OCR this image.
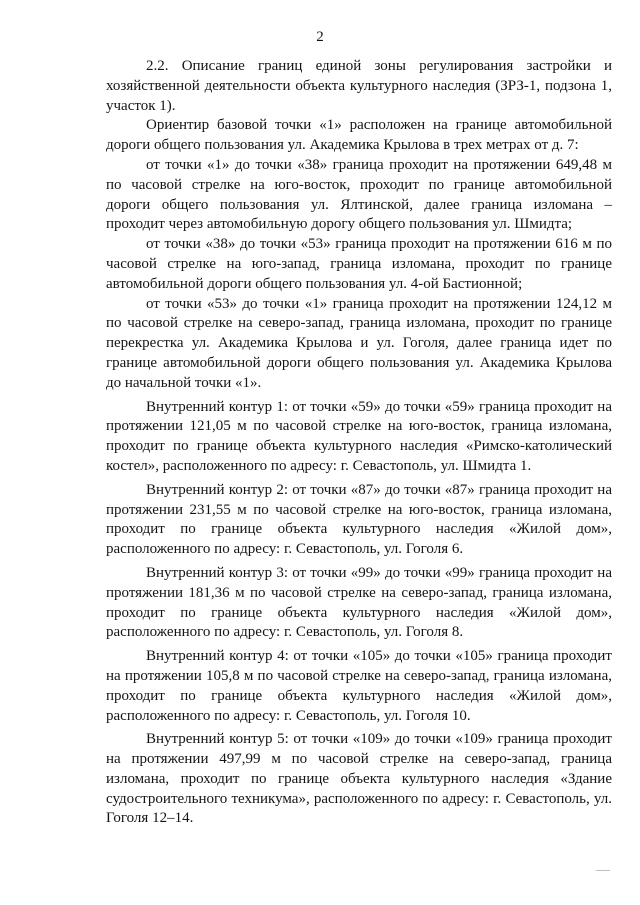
2

2.2. Описание границ единой зоны регулирования застройки и хозяйственной деятельности объекта культурного наследия (ЗРЗ-1, подзона 1, участок 1).

Ориентир базовой точки «1» расположен на границе автомобильной дороги общего пользования ул. Академика Крылова в трех метрах от д. 7:

от точки «1» до точки «38» граница проходит на протяжении 649,48 м по часовой стрелке на юго-восток, проходит по границе автомобильной дороги общего пользования ул. Ялтинской, далее граница изломана – проходит через автомобильную дорогу общего пользования ул. Шмидта;

от точки «38» до точки «53» граница проходит на протяжении 616 м по часовой стрелке на юго-запад, граница изломана, проходит по границе автомобильной дороги общего пользования ул. 4-ой Бастионной;

от точки «53» до точки «1» граница проходит на протяжении 124,12 м по часовой стрелке на северо-запад, граница изломана, проходит по границе перекрестка ул. Академика Крылова и ул. Гоголя, далее граница идет по границе автомобильной дороги общего пользования ул. Академика Крылова до начальной точки «1».

Внутренний контур 1: от точки «59» до точки «59» граница проходит на протяжении 121,05 м по часовой стрелке на юго-восток, граница изломана, проходит по границе объекта культурного наследия «Римско-католический костел», расположенного по адресу: г. Севастополь, ул. Шмидта 1.

Внутренний контур 2: от точки «87» до точки «87» граница проходит на протяжении 231,55 м по часовой стрелке на юго-восток, граница изломана, проходит по границе объекта культурного наследия «Жилой дом», расположенного по адресу: г. Севастополь, ул. Гоголя 6.

Внутренний контур 3: от точки «99» до точки «99» граница проходит на протяжении 181,36 м по часовой стрелке на северо-запад, граница изломана, проходит по границе объекта культурного наследия «Жилой дом», расположенного по адресу: г. Севастополь, ул. Гоголя 8.

Внутренний контур 4: от точки «105» до точки «105» граница проходит на протяжении 105,8 м по часовой стрелке на северо-запад, граница изломана, проходит по границе объекта культурного наследия «Жилой дом», расположенного по адресу: г. Севастополь, ул. Гоголя 10.

Внутренний контур 5: от точки «109» до точки «109» граница проходит на протяжении 497,99 м по часовой стрелке на северо-запад, граница изломана, проходит по границе объекта культурного наследия «Здание судостроительного техникума», расположенного по адресу: г. Севастополь, ул. Гоголя 12–14.
